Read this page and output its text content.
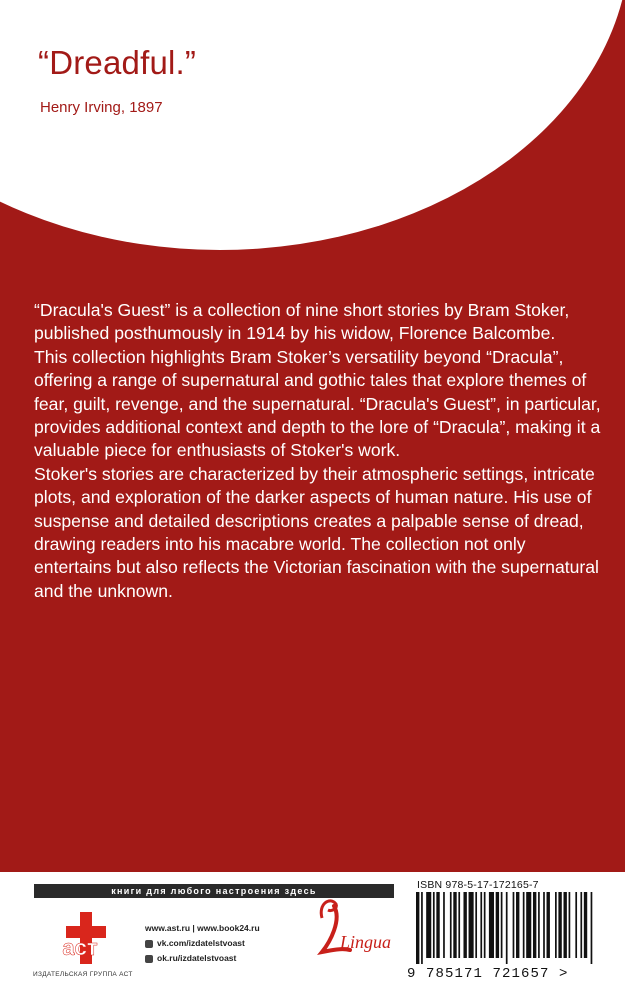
“Dreadful.”
Henry Irving, 1897

“Dracula's Guest” is a collection of nine short stories by Bram Stoker, published posthumously in 1914 by his widow, Florence Balcombe.

This collection highlights Bram Stoker’s versatility beyond “Dracula”, offering a range of supernatural and gothic tales that explore themes of fear, guilt, revenge, and the supernatural. “Dracula's Guest”, in particular, provides additional context and depth to the lore of “Dracula”, making it a valuable piece for enthusiasts of Stoker's work.

Stoker's stories are characterized by their atmospheric settings, intricate plots, and exploration of the darker aspects of human nature. His use of suspense and detailed descriptions creates a palpable sense of dread, drawing readers into his macabre world. The collection not only entertains but also reflects the Victorian fascination with the supernatural and the unknown.

книги для любого настроения здесь
аст
ИЗДАТЕЛЬСКАЯ ГРУППА АСТ
www.ast.ru | www.book24.ru
vk.com/izdatelstvoast
ok.ru/izdatelstvoast
Lingua
ISBN 978-5-17-172165-7
9 785171 721657 >
